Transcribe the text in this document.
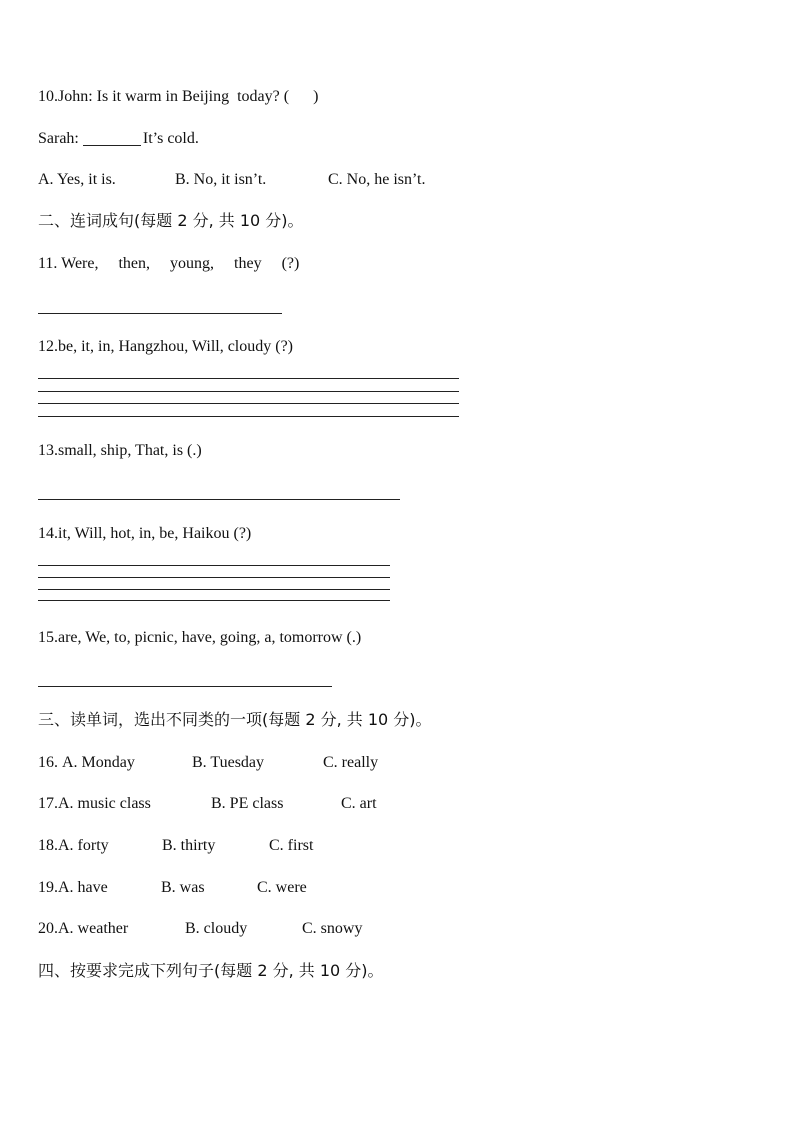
10.John: Is it warm in Beijing  today? (      )
Sarah:	It’s cold.
A. Yes, it is.	B. No, it isn’t.	C. No, he isn’t.
二、连词成句(每题 2 分, 共 10 分)。
11. Were,     then,     young,     they     (?)
12.be, it, in, Hangzhou, Will, cloudy (?)
13.small, ship, That, is (.)
14.it, Will, hot, in, be, Haikou (?)
15.are, We, to, picnic, have, going, a, tomorrow (.)
三、读单词，选出不同类的一项(每题 2 分, 共 10 分)。
16. A. Monday	B. Tuesday	C. really
17.A. music class	B. PE class	C. art
18.A. forty	B. thirty	C. first
19.A. have	B. was	C. were
20.A. weather	B. cloudy	C. snowy
四、按要求完成下列句子(每题 2 分, 共 10 分)。
